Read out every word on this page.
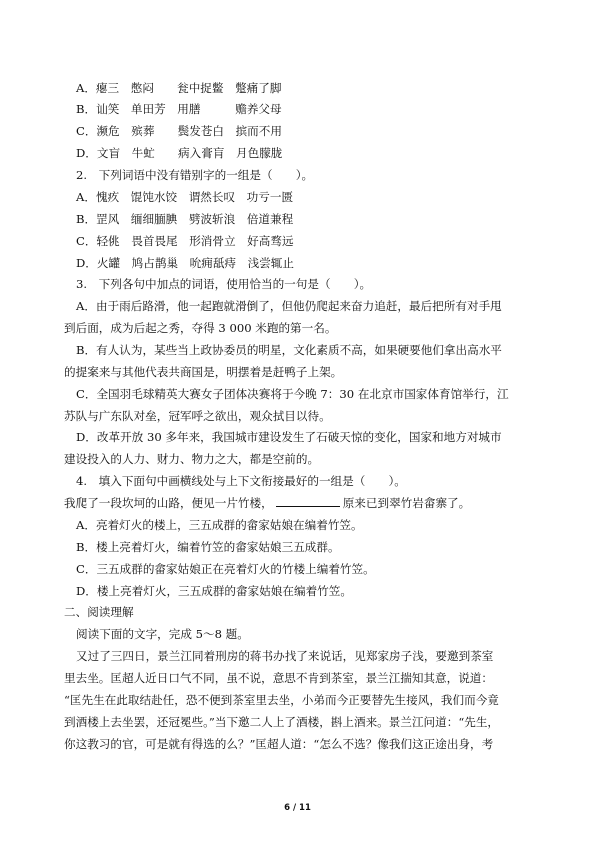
A．瘪三　憋闷　　瓮中捉鳖　蹩痛了脚
B．讪笑　单田芳　用膳　　　赡养父母
C．濒危　殡葬　　鬓发苍白　摈而不用
D．文盲　牛虻　　病入膏肓　月色朦胧
2.　下列词语中没有错别字的一组是（　　）。
A．愧疚　馄饨水饺　谓然长叹　功亏一匮
B．罡风　缅细腼腆　劈波斩浪　倍道兼程
C．轻佻　畏首畏尾　形消骨立　好高骛远
D．火罐　鸠占鹊巢　吮痈舐痔　浅尝辄止
3.　下列各句中加点的词语，使用恰当的一句是（　　）。
A．由于雨后路滑，他一起跑就滑倒了，但他仍爬起来奋力追赶，最后把所有对手甩
到后面，成为后起之秀，夺得 3 000 米跑的第一名。
B．有人认为，某些当上政协委员的明星，文化素质不高，如果硬要他们拿出高水平
的提案来与其他代表共商国是，明摆着是赶鸭子上架。
C．全国羽毛球精英大赛女子团体决赛将于今晚 7：30 在北京市国家体育馆举行，江
苏队与广东队对垒，冠军呼之欲出，观众拭目以待。
D．改革开放 30 多年来，我国城市建设发生了石破天惊的变化，国家和地方对城市
建设投入的人力、财力、物力之大，都是空前的。
4.　填入下面句中画横线处与上下文衔接最好的一组是（　　）。
我爬了一段坎坷的山路，便见一片竹楼，	原来已到翠竹岩畲寨了。
A．亮着灯火的楼上，三五成群的畲家姑娘在编着竹笠。
B．楼上亮着灯火，编着竹笠的畲家姑娘三五成群。
C．三五成群的畲家姑娘正在亮着灯火的竹楼上编着竹笠。
D．楼上亮着灯火，三五成群的畲家姑娘在编着竹笠。
二、阅读理解
阅读下面的文字，完成 5～8 题。
又过了三四日，景兰江同着刑房的蒋书办找了来说话，见郑家房子浅，要邀到茶室
里去坐。匡超人近日口气不同，虽不说，意思不肯到茶室，景兰江揣知其意，说道：
“匡先生在此取结赴任，恐不便到茶室里去坐，小弟而今正要替先生接风，我们而今竟
到酒楼上去坐罢，还冠冕些。”当下邀二人上了酒楼，斟上酒来。景兰江问道：“先生，
你这教习的官，可是就有得选的么？”匡超人道：“怎么不选？像我们这正途出身，考
6 / 11
